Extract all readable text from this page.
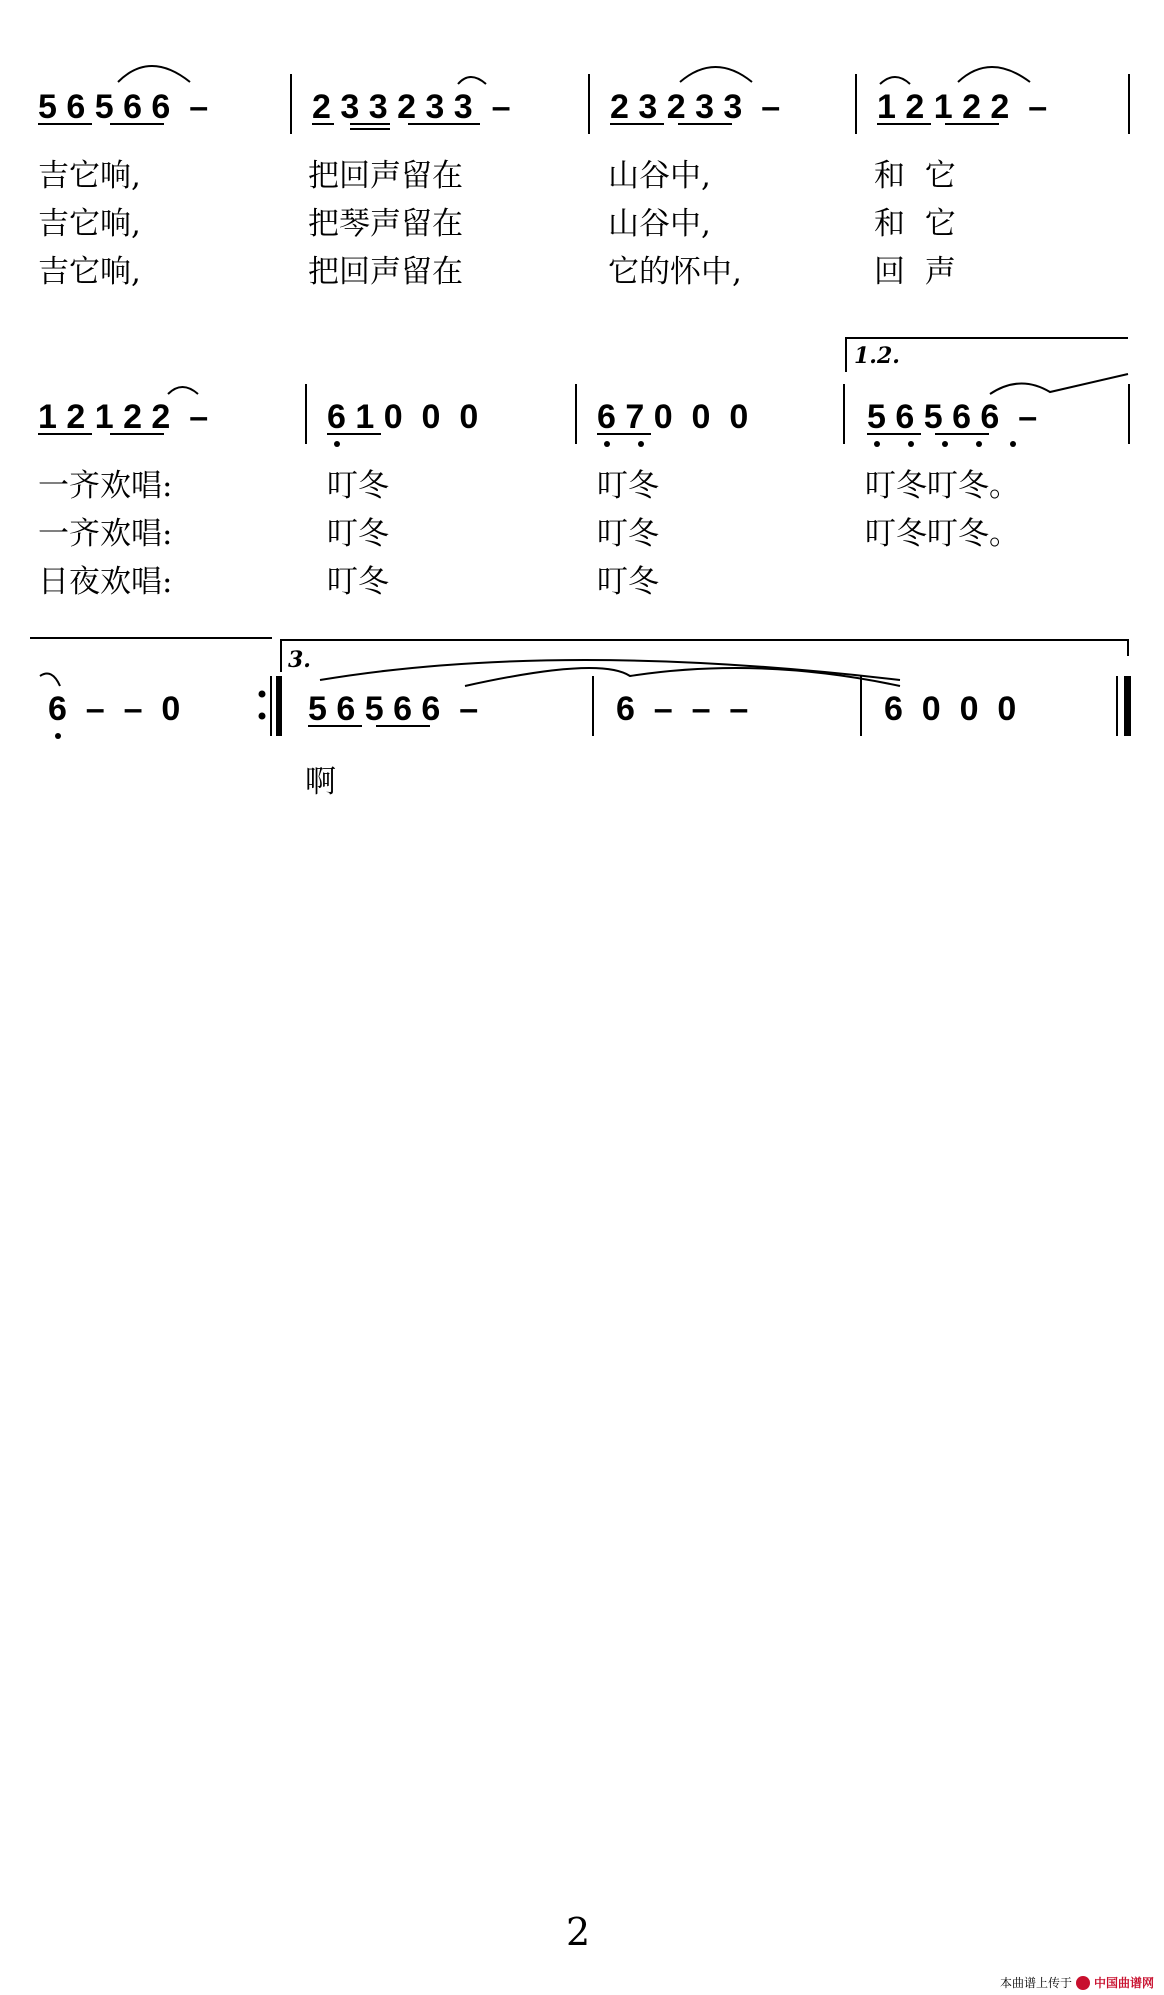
5 6 5 6 6  –	2 3 3 2 3 3  –	2 3 2 3 3  –	1 2 1 2 2  –
吉它响,	把回声留在	山谷中,	和  它
吉它响,	把琴声留在	山谷中,	和  它
吉它响,	把回声留在	它的怀中,	回  声
1.2.
1 2 1 2 2  –	6 1 0  0  0	6 7 0  0  0	5 6 5 6 6  –
一齐欢唱:	叮冬	叮冬	叮冬叮冬。
一齐欢唱:	叮冬	叮冬	叮冬叮冬。
日夜欢唱:	叮冬	叮冬
3.
6  –  –  0	5 6 5 6 6  –	6  –  –  –	6  0  0  0
啊
2
本曲谱上传于 中国曲谱网
